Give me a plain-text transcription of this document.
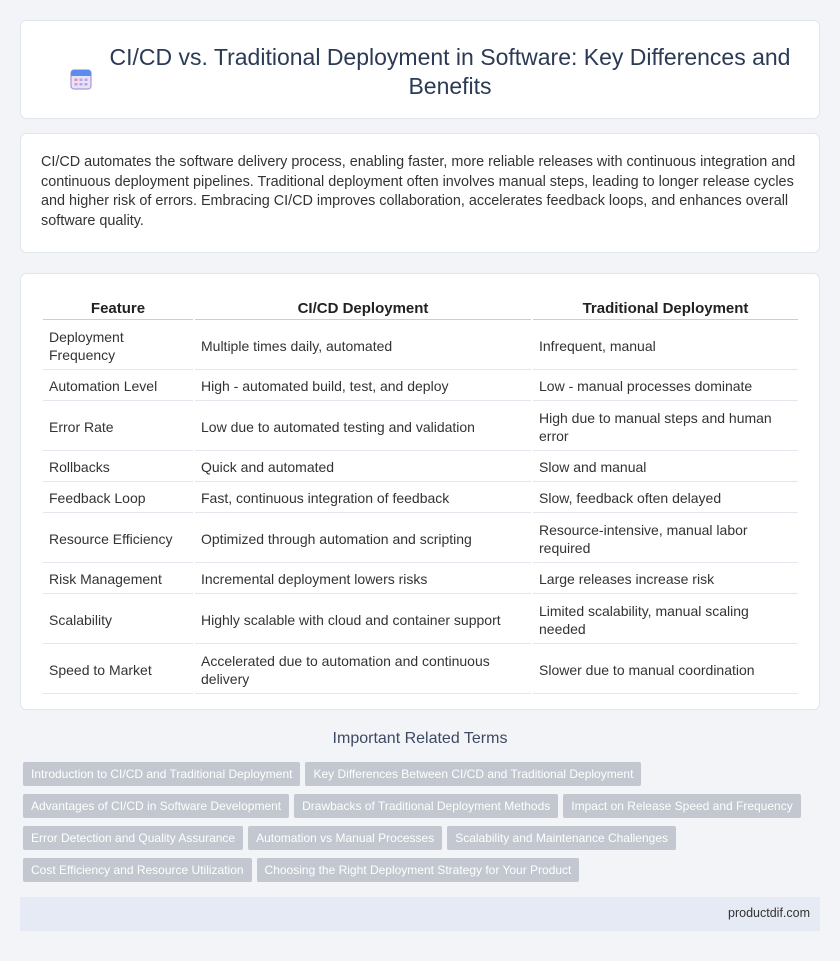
CI/CD vs. Traditional Deployment in Software: Key Differences and Benefits

CI/CD automates the software delivery process, enabling faster, more reliable releases with continuous integration and continuous deployment pipelines. Traditional deployment often involves manual steps, leading to longer release cycles and higher risk of errors. Embracing CI/CD improves collaboration, accelerates feedback loops, and enhances overall software quality.

Feature	CI/CD Deployment	Traditional Deployment
Deployment Frequency	Multiple times daily, automated	Infrequent, manual
Automation Level	High - automated build, test, and deploy	Low - manual processes dominate
Error Rate	Low due to automated testing and validation	High due to manual steps and human error
Rollbacks	Quick and automated	Slow and manual
Feedback Loop	Fast, continuous integration of feedback	Slow, feedback often delayed
Resource Efficiency	Optimized through automation and scripting	Resource-intensive, manual labor required
Risk Management	Incremental deployment lowers risks	Large releases increase risk
Scalability	Highly scalable with cloud and container support	Limited scalability, manual scaling needed
Speed to Market	Accelerated due to automation and continuous delivery	Slower due to manual coordination
Important Related Terms
Introduction to CI/CD and Traditional Deployment Key Differences Between CI/CD and Traditional Deployment
Advantages of CI/CD in Software Development Drawbacks of Traditional Deployment Methods Impact on Release Speed and Frequency
Error Detection and Quality Assurance Automation vs Manual Processes Scalability and Maintenance Challenges
Cost Efficiency and Resource Utilization Choosing the Right Deployment Strategy for Your Product
productdif.com
